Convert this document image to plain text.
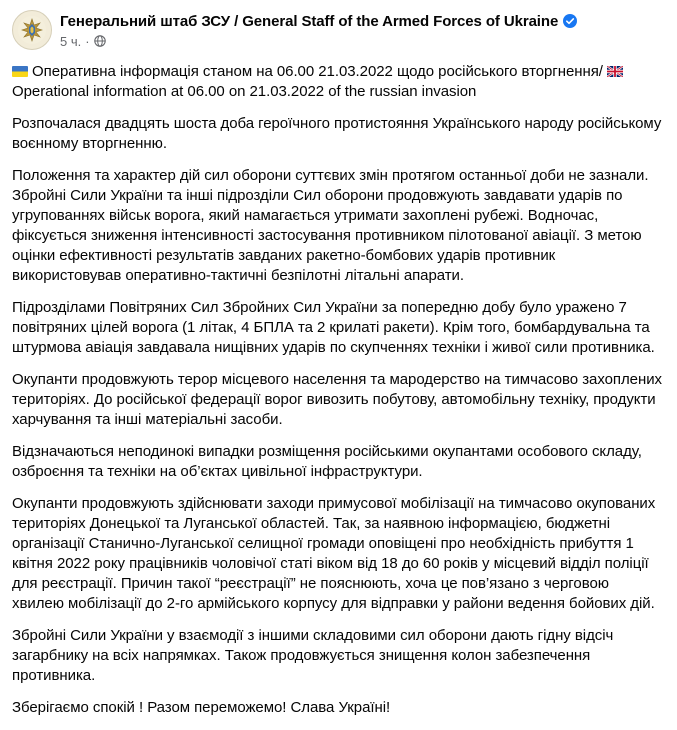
Генеральний штаб ЗСУ / General Staff of the Armed Forces of Ukraine
5 ч. ·

Оперативна інформація станом на 06.00 21.03.2022 щодо російського вторгнення/
Operational information at 06.00 on 21.03.2022 of the russian invasion

Розпочалася двадцять шоста доба героїчного протистояння Українського народу російському воєнному вторгненню.

Положення та характер дій сил оборони суттєвих змін протягом останньої доби не зазнали. Збройні Сили України та інші підрозділи Сил оборони продовжують завдавати ударів по угрупованнях військ ворога, який намагається утримати захоплені рубежі. Водночас, фіксується зниження інтенсивності застосування противником пілотованої авіації. З метою оцінки ефективності результатів завданих ракетно-бомбових ударів противник використовував оперативно-тактичні безпілотні літальні апарати.

Підрозділами Повітряних Сил Збройних Сил України за попередню добу було уражено 7 повітряних цілей ворога (1 літак, 4 БПЛА та 2 крилаті ракети). Крім того, бомбардувальна та штурмова авіація завдавала нищівних ударів по скупченнях техніки і живої сили противника.

Окупанти продовжують терор місцевого населення та мародерство на тимчасово захоплених територіях. До російської федерації ворог вивозить побутову, автомобільну техніку, продукти харчування та інші матеріальні засоби.

Відзначаються неподинокі випадки розміщення російськими окупантами особового складу, озброєння та техніки на об’єктах цивільної інфраструктури.

Окупанти продовжують здійснювати заходи примусової мобілізації на тимчасово окупованих територіях Донецької та Луганської областей. Так, за наявною інформацією, бюджетні організації Станично-Луганської селищної громади оповіщені про необхідність прибуття 1 квітня 2022 року працівників чоловічої статі віком від 18 до 60 років у місцевий відділ поліції для реєстрації. Причин такої “реєстрації” не пояснюють, хоча це пов’язано з черговою хвилею мобілізації до 2-го армійського корпусу для відправки у райони ведення бойових дій.

Збройні Сили України у взаємодії з іншими складовими сил оборони дають гідну відсіч загарбнику на всіх напрямках. Також продовжується знищення колон забезпечення противника.

Зберігаємо спокій ! Разом переможемо! Слава Україні!
